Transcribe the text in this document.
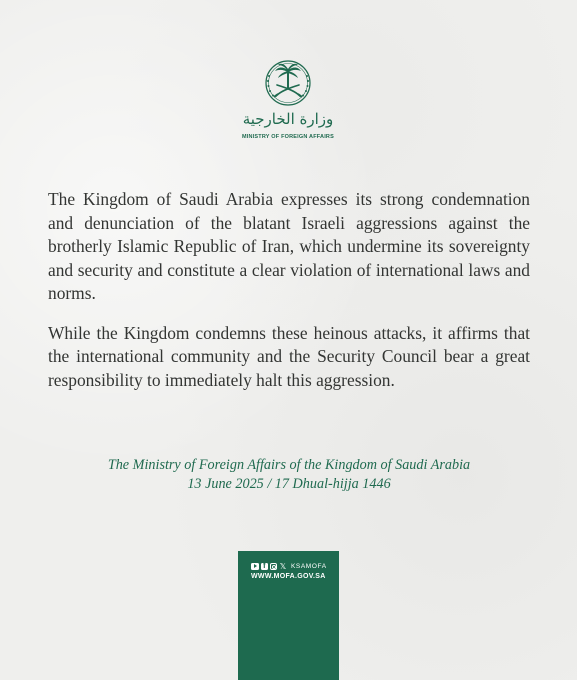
وزارة الخارجية
MINISTRY OF FOREIGN AFFAIRS

The Kingdom of Saudi Arabia expresses its strong condemnation and denunciation of the blatant Israeli aggressions against the brotherly Islamic Republic of Iran, which undermine its sovereignty and security and constitute a clear violation of international laws and norms.

While the Kingdom condemns these heinous attacks, it affirms that the international community and the Security Council bear a great responsibility to immediately halt this aggression.

The Ministry of Foreign Affairs of the Kingdom of Saudi Arabia
13 June 2025 / 17 Dhual-hijja 1446
f
𝕏 KSAMOFA
WWW.MOFA.GOV.SA
